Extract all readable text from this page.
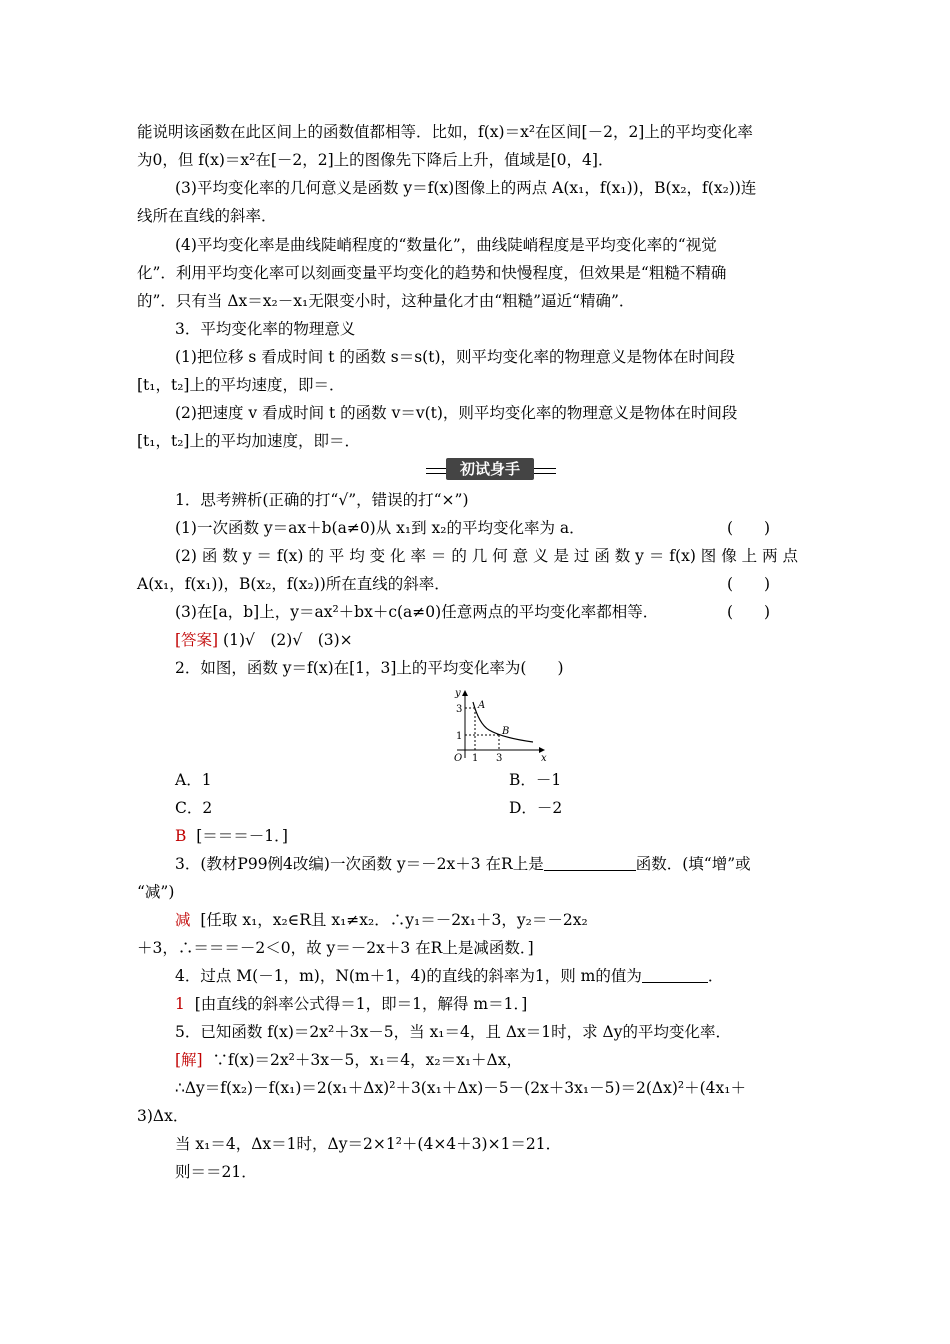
能说明该函数在此区间上的函数值都相等．比如，f(x)＝x²在区间[－2，2]上的平均变化率
为0，但 f(x)＝x²在[－2，2]上的图像先下降后上升，值域是[0，4]．
(3)平均变化率的几何意义是函数 y＝f(x)图像上的两点 A(x₁，f(x₁))，B(x₂，f(x₂))连
线所在直线的斜率．
(4)平均变化率是曲线陡峭程度的“数量化”，曲线陡峭程度是平均变化率的“视觉
化”．利用平均变化率可以刻画变量平均变化的趋势和快慢程度，但效果是“粗糙不精确
的”．只有当 Δx＝x₂－x₁无限变小时，这种量化才由“粗糙”逼近“精确”．
3．平均变化率的物理意义
(1)把位移 s 看成时间 t 的函数 s＝s(t)，则平均变化率的物理意义是物体在时间段
[t₁，t₂]上的平均速度，即＝．
(2)把速度 v 看成时间 t 的函数 v＝v(t)，则平均变化率的物理意义是物体在时间段
[t₁，t₂]上的平均加速度，即＝．
初试身手
1．思考辨析(正确的打“√”，错误的打“×”)
(1)一次函数 y＝ax＋b(a≠0)从 x₁到 x₂的平均变化率为 a．	(　　)
(2) 函 数 y ＝ f(x) 的 平 均 变 化 率 ＝ 的 几 何 意 义 是 过 函 数 y ＝ f(x) 图 像 上 两 点
A(x₁，f(x₁))，B(x₂，f(x₂))所在直线的斜率．	(　　)
(3)在[a，b]上，y＝ax²＋bx＋c(a≠0)任意两点的平均变化率都相等．	(　　)
[答案] (1)√　(2)√　(3)×
2．如图，函数 y＝f(x)在[1，3]上的平均变化率为(　　)
y
x
O
3
1
1 3
A
B
A．1	B．－1
C．2	D．－2
B [＝＝＝－1．]
3．(教材P99例4改编)一次函数 y＝－2x＋3 在R上是	函数．(填“增”或
“减”)
减 [任取 x₁，x₂∈R且 x₁≠x₂．∴y₁＝－2x₁＋3，y₂＝－2x₂
＋3，∴＝＝＝－2＜0，故 y＝－2x＋3 在R上是减函数．]
4．过点 M(－1，m)，N(m＋1，4)的直线的斜率为1，则 m的值为	．
1 [由直线的斜率公式得＝1，即＝1，解得 m＝1．]
5．已知函数 f(x)＝2x²＋3x－5，当 x₁＝4，且 Δx＝1时，求 Δy的平均变化率．
[解] ∵f(x)＝2x²＋3x－5，x₁＝4，x₂＝x₁＋Δx，
∴Δy＝f(x₂)－f(x₁)＝2(x₁＋Δx)²＋3(x₁＋Δx)－5－(2x＋3x₁－5)＝2(Δx)²＋(4x₁＋
3)Δx．
当 x₁＝4，Δx＝1时，Δy＝2×1²＋(4×4＋3)×1＝21．
则＝＝21．
